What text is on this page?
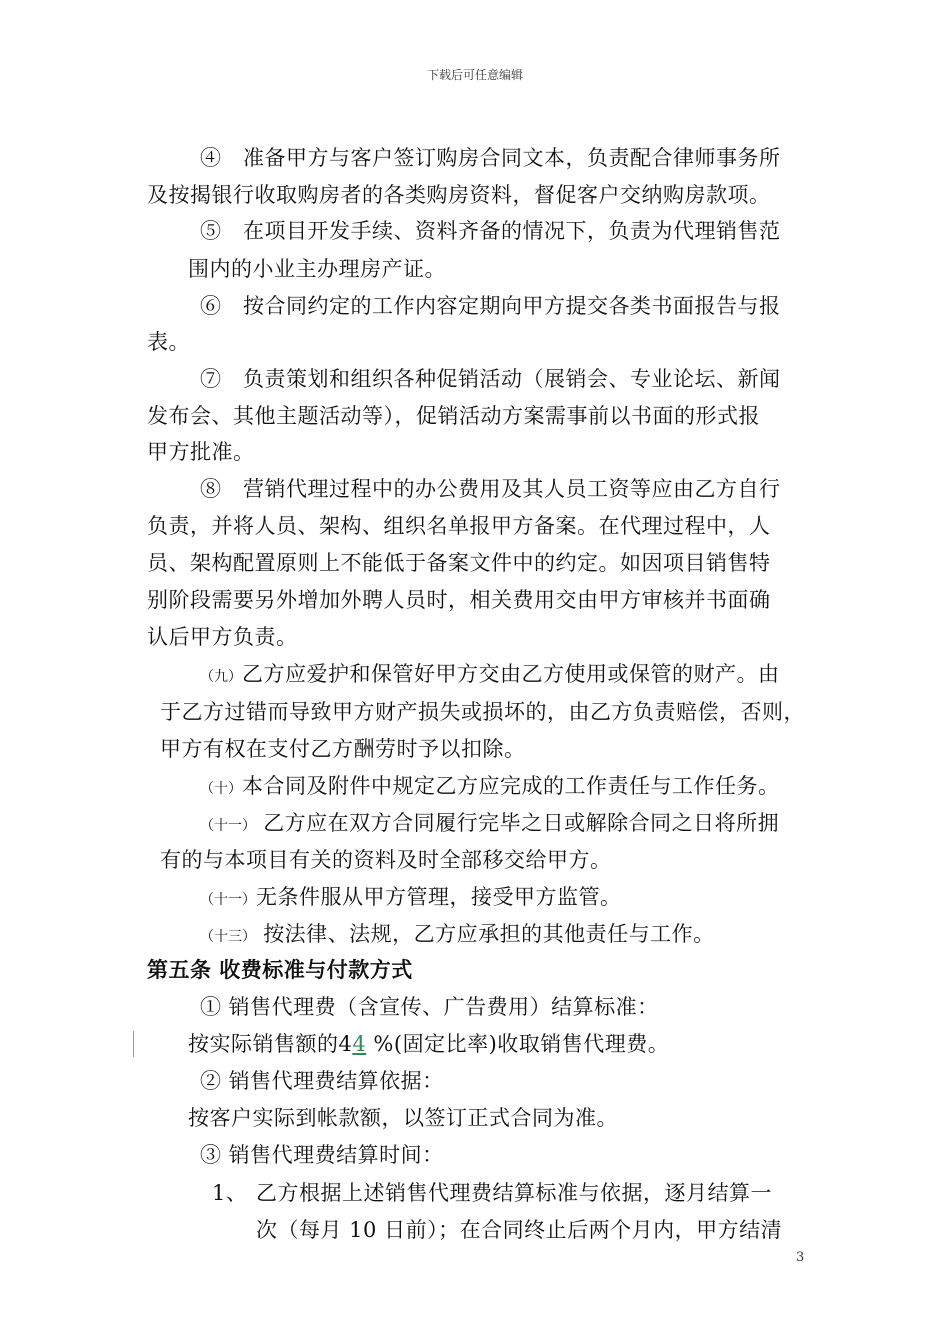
下载后可任意编辑
④　准备甲方与客户签订购房合同文本，负责配合律师事务所
及按揭银行收取购房者的各类购房资料，督促客户交纳购房款项。
⑤　在项目开发手续、资料齐备的情况下，负责为代理销售范
围内的小业主办理房产证。
⑥　按合同约定的工作内容定期向甲方提交各类书面报告与报
表。
⑦　负责策划和组织各种促销活动（展销会、专业论坛、新闻
发布会、其他主题活动等），促销活动方案需事前以书面的形式报
甲方批准。
⑧　营销代理过程中的办公费用及其人员工资等应由乙方自行
负责，并将人员、架构、组织名单报甲方备案。在代理过程中，人
员、架构配置原则上不能低于备案文件中的约定。如因项目销售特
别阶段需要另外增加外聘人员时，相关费用交由甲方审核并书面确
认后甲方负责。
（九）乙方应爱护和保管好甲方交由乙方使用或保管的财产。由
于乙方过错而导致甲方财产损失或损坏的，由乙方负责赔偿，否则，
甲方有权在支付乙方酬劳时予以扣除。
（十）本合同及附件中规定乙方应完成的工作责任与工作任务。
（十一） 乙方应在双方合同履行完毕之日或解除合同之日将所拥
有的与本项目有关的资料及时全部移交给甲方。
（十一）无条件服从甲方管理，接受甲方监管。
（十三） 按法律、法规，乙方应承担的其他责任与工作。
第五条 收费标准与付款方式
① 销售代理费（含宣传、广告费用）结算标准：
按实际销售额的44 %(固定比率)收取销售代理费。
② 销售代理费结算依据：
按客户实际到帐款额，以签订正式合同为准。
③ 销售代理费结算时间：
1、 乙方根据上述销售代理费结算标准与依据，逐月结算一
次（每月 10 日前）；在合同终止后两个月内，甲方结清
3
